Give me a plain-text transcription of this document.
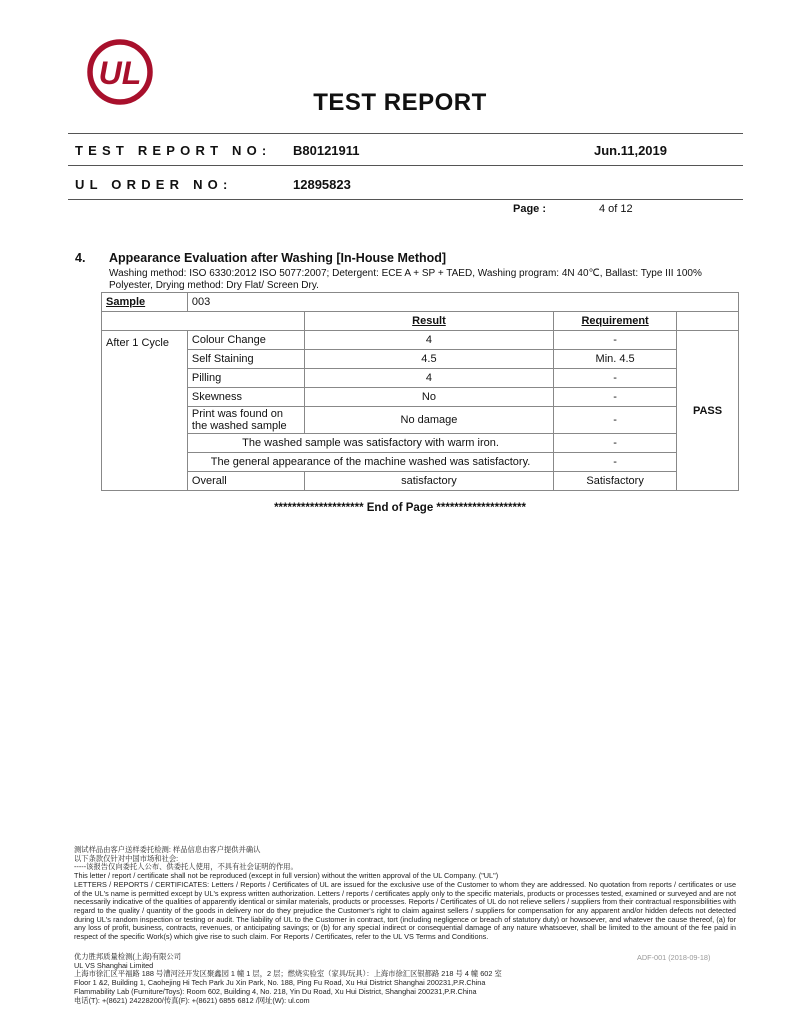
UL
TEST REPORT
TEST REPORT NO: B80121911	Jun.11,2019
UL ORDER NO:	12895823
Page :	4 of 12
4. Appearance Evaluation after Washing [In-House Method]
Washing method: ISO 6330:2012 ISO 5077:2007; Detergent: ECE A + SP + TAED, Washing program: 4N 40℃, Ballast: Type III 100%
Polyester, Drying method: Dry Flat/ Screen Dry.
Sample	003			
		Result	Requirement	
After 1 Cycle	Colour Change	4	-	PASS
	Self Staining	4.5	Min. 4.5	
	Pilling	4	-	
	Skewness	No	-	
	Print was found on the washed sample	No damage	-	
	The washed sample was satisfactory with warm iron.		-	
	The general appearance of the machine washed was satisfactory.		-	
	Overall	satisfactory	Satisfactory	
******************** End of Page ********************
测试样品由客户送样委托检测: 样品信息由客户提供并确认
以下条款仅针对中国市场和社会:
-----该报告仅向委托人公布、供委托人使用，不具有社会证明的作用。
This letter / report / certificate shall not be reproduced (except in full version) without the written approval of the UL Company. ("UL")
LETTERS / REPORTS / CERTIFICATES: Letters / Reports / Certificates of UL are issued for the exclusive use of the Customer to whom they are addressed. No quotation from reports / certificates or use of the UL's name is permitted except by UL's express written authorization. Letters / reports / certificates apply only to the specific materials, products or processes tested, examined or surveyed and are not necessarily indicative of the qualities of apparently identical or similar materials, products or processes. Reports / Certificates of UL do not relieve sellers / suppliers from their contractual responsibilities with regard to the quality / quantity of the goods in delivery nor do they prejudice the Customer's right to claim against sellers / suppliers for compensation for any apparent and/or hidden defects not detected during UL's random inspection or testing or audit. The liability of UL to the Customer in contract, tort (including negligence or breach of statutory duty) or howsoever, and whatever the cause thereof, (a) for any loss of profit, business, contracts, revenues, or anticipating savings; or (b) for any special indirect or consequential damage of any nature whatsoever, shall be limited to the amount of the fee paid in respect of the specific Work(s) which give rise to such claim. For Reports / Certificates, refer to the UL VS Terms and Conditions.
优力胜邦质量检测(上海)有限公司
UL VS Shanghai Limited
上海市徐汇区平福路 188 号漕河泾开发区聚鑫园 1 幢 1 层，2 层；燃烧实验室（家具/玩具）：上海市徐汇区银都路 218 号 4 幢 602 室
Floor 1 &2, Building 1, Caohejing Hi Tech Park Ju Xin Park, No. 188, Ping Fu Road, Xu Hui District Shanghai 200231,P.R.China
Flammability Lab (Furniture/Toys): Room 602, Building 4, No. 218, Yin Du Road, Xu Hui District, Shanghai 200231,P.R.China
电话(T): +(8621) 24228200/传真(F): +(8621) 6855 6812 /网址(W): ul.com
ADF-001 (2018-09-18)
